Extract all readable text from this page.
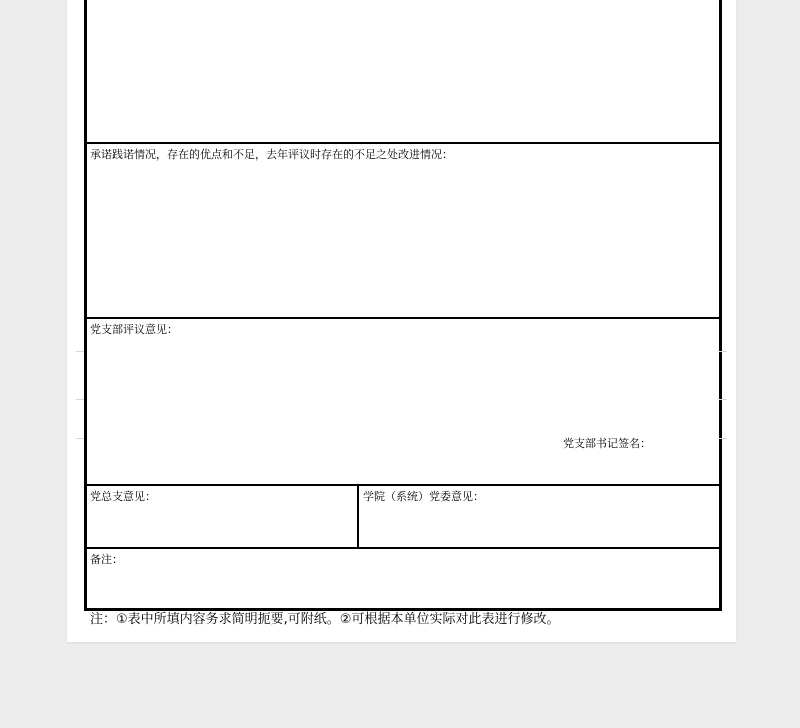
承诺践诺情况，存在的优点和不足，去年评议时存在的不足之处改进情况：
党支部评议意见：
党支部书记签名：
党总支意见：	学院（系统）党委意见：
备注：
注：①表中所填内容务求简明扼要,可附纸。②可根据本单位实际对此表进行修改。
